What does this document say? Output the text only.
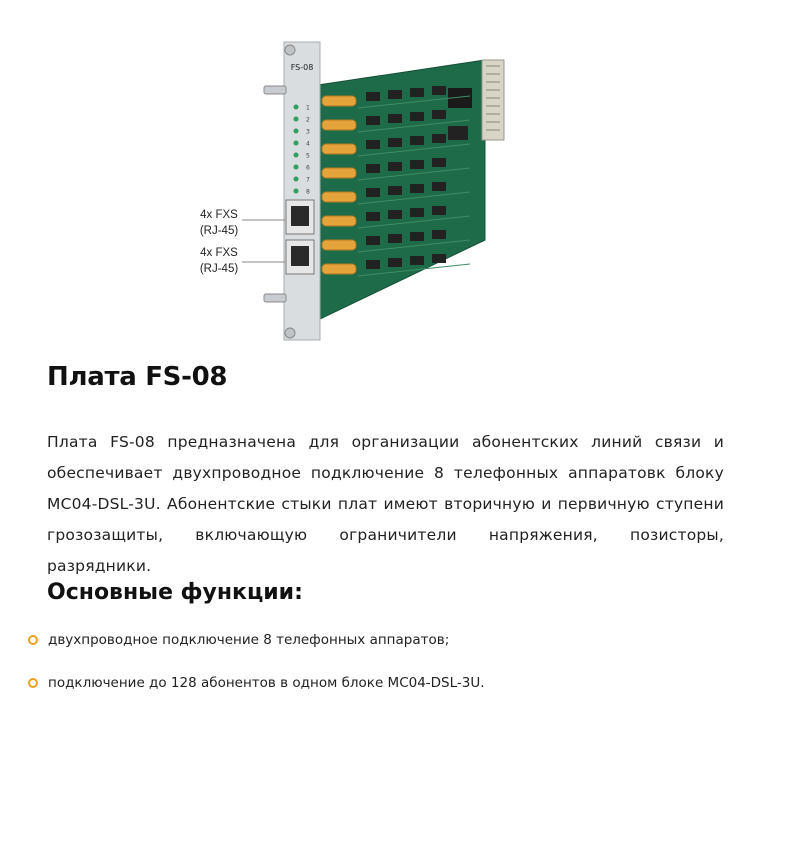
1
2
3
4
5
6
7
8
FS-08
4x FXS
(RJ-45)
4x FXS
(RJ-45)
Плата FS-08

Плата FS-08 предназначена для организации абонентских линий связи и обеспечивает двухпроводное подключение 8 телефонных аппаратовк блоку MC04-DSL-3U. Абонентские стыки плат имеют вторичную и первичную ступени грозозащиты, включающую ограничители напряжения, позисторы, разрядники.

Основные функции:
двухпроводное подключение 8 телефонных аппаратов;
подключение до 128 абонентов в одном блоке MC04-DSL-3U.
